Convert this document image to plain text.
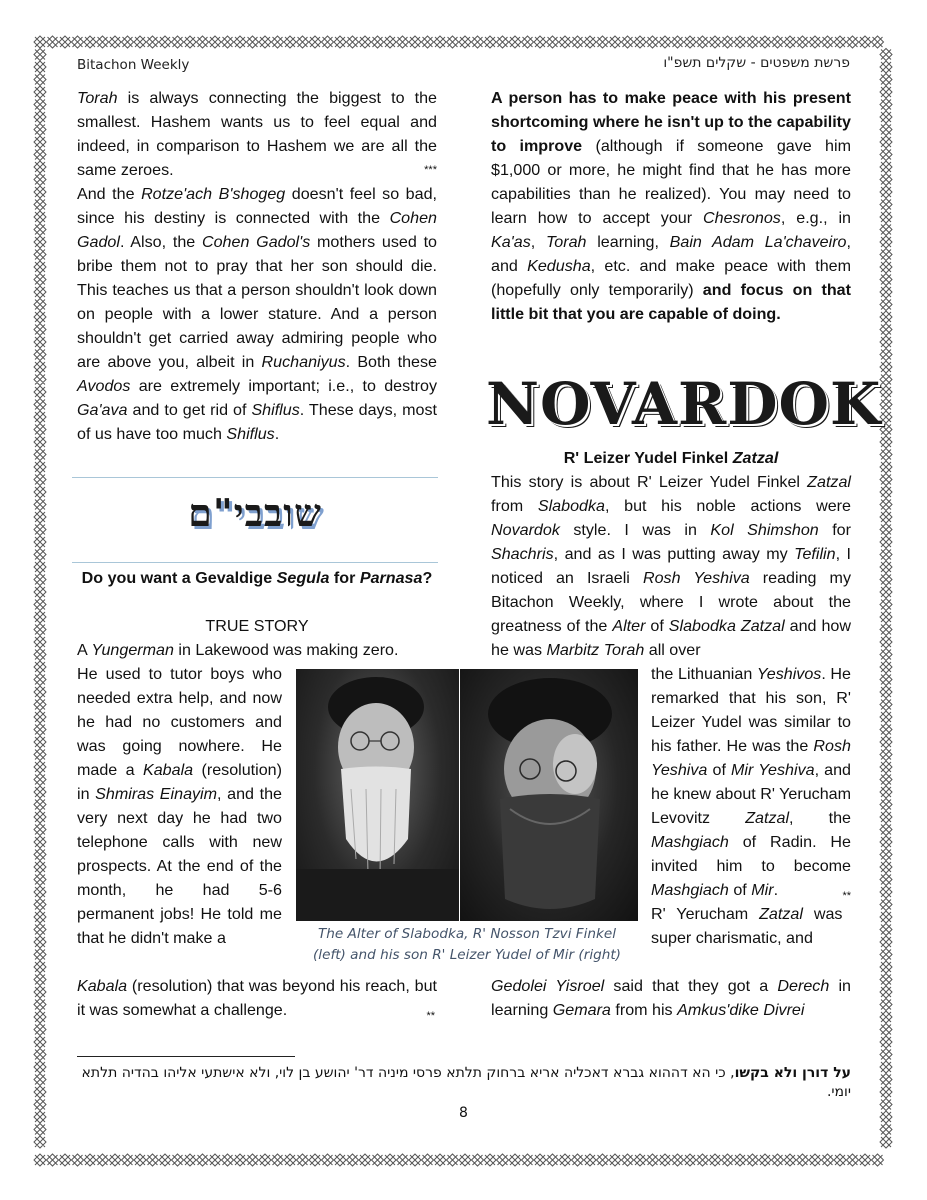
Bitachon Weekly	פרשת משפטים - שקלים תשפ"ו

Torah is always connecting the biggest to the smallest. Hashem wants us to feel equal and indeed, in comparison to Hashem we are all the same zeroes.	***

And the Rotze'ach B'shogeg doesn't feel so bad, since his destiny is connected with the Cohen Gadol. Also, the Cohen Gadol's mothers used to bribe them not to pray that her son should die. This teaches us that a person shouldn't look down on people with a lower stature. And a person shouldn't get carried away admiring people who are above you, albeit in Ruchaniyus. Both these Avodos are extremely important; i.e., to destroy Ga'ava and to get rid of Shiflus. These days, most of us have too much Shiflus.

שובבי"ם
Do you want a Gevaldige Segula for Parnasa?
TRUE STORY
A Yungerman in Lakewood was making zero.

He used to tutor boys who needed extra help, and now he had no customers and was going nowhere. He made a Kabala (resolution) in Shmiras Einayim, and the very next day he had two telephone calls with new prospects. At the end of the month, he had 5-6 permanent jobs! He told me that he didn't make a

Kabala (resolution) that was beyond his reach, but it was somewhat a challenge.	**

A person has to make peace with his present shortcoming where he isn't up to the capability to improve (although if someone gave him $1,000 or more, he might find that he has more capabilities than he realized). You may need to learn how to accept your Chesronos, e.g., in Ka'as, Torah learning, Bain Adam La'chaveiro, and Kedusha, etc. and make peace with them (hopefully only temporarily) and focus on that little bit that you are capable of doing.

NOVARDOK
R' Leizer Yudel Finkel Zatzal

This story is about R' Leizer Yudel Finkel Zatzal from Slabodka, but his noble actions were Novardok style. I was in Kol Shimshon for Shachris, and as I was putting away my Tefilin, I noticed an Israeli Rosh Yeshiva reading my Bitachon Weekly, where I wrote about the greatness of the Alter of Slabodka Zatzal and how he was Marbitz Torah all over

the Lithuanian Yeshivos. He remarked that his son, R' Leizer Yudel was similar to his father. He was the Rosh Yeshiva of Mir Yeshiva, and he knew about R' Yerucham Levovitz Zatzal, the Mashgiach of Radin. He invited him to become Mashgiach of Mir.	**

R' Yerucham Zatzal was super charismatic, and

Gedolei Yisroel said that they got a Derech in learning Gemara from his Amkus'dike Divrei

The Alter of Slabodka, R' Nosson Tzvi Finkel
(left) and his son R' Leizer Yudel of Mir (right)
על דורן ולא בקשו, כי הא דההוא גברא דאכליה אריא ברחוק תלתא פרסי מיניה דר' יהושע בן לוי, ולא אישתעי אליהו בהדיה תלתא יומי.
8
